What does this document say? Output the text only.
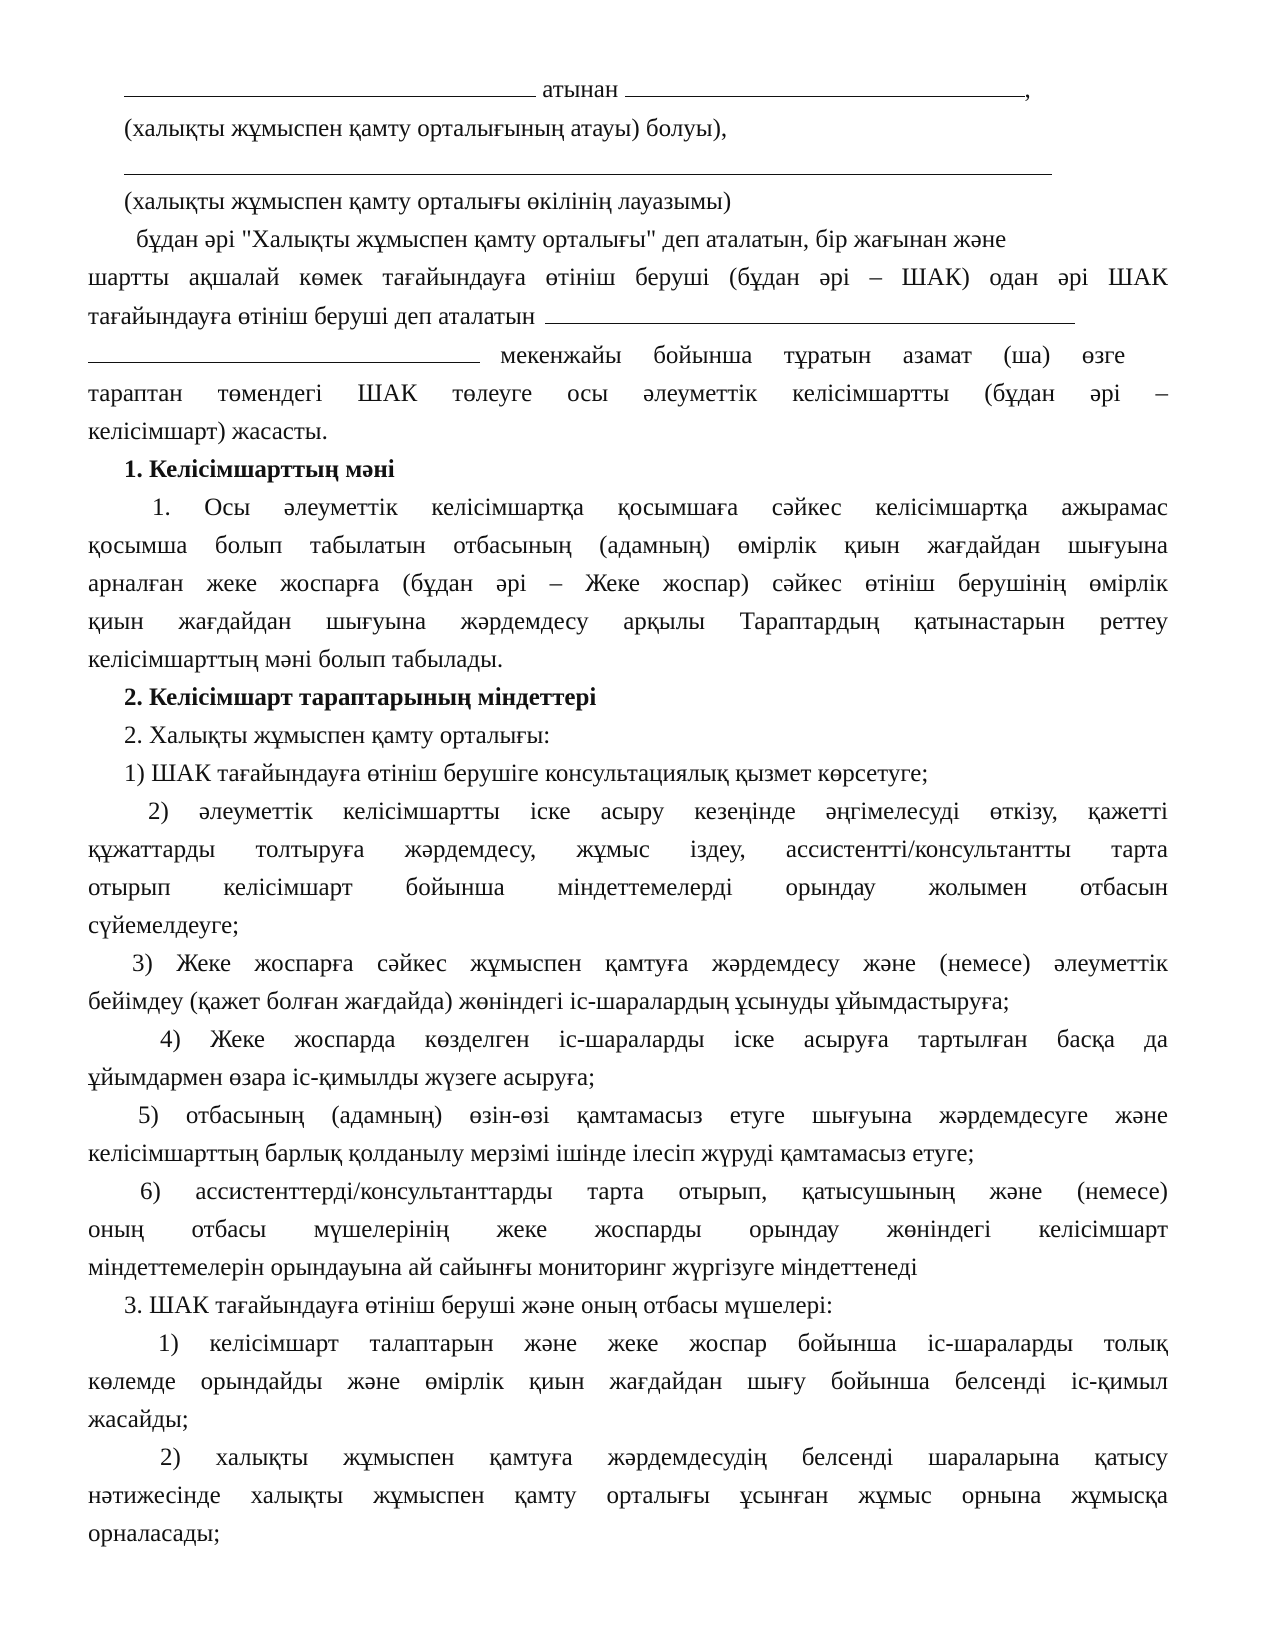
атынан	,
(халықты жұмыспен қамту орталығының атауы) болуы),
(халықты жұмыспен қамту орталығы өкілінің лауазымы)
бұдан әрі "Халықты жұмыспен қамту орталығы" деп аталатын, бір жағынан және
шартты ақшалай көмек тағайындауға өтініш беруші (бұдан әрі – ШАК) одан әрі ШАК
тағайындауға өтініш беруші деп аталатын
мекенжайы бойынша тұратын азамат (ша) өзге
тараптан төмендегі ШАК төлеуге осы әлеуметтік келісімшартты (бұдан әрі –
келісімшарт) жасасты.
1. Келісімшарттың мәні
1. Осы әлеуметтік келісімшартқа қосымшаға сәйкес келісімшартқа ажырамас
қосымша болып табылатын отбасының (адамның) өмірлік қиын жағдайдан шығуына
арналған жеке жоспарға (бұдан әрі – Жеке жоспар) сәйкес өтініш берушінің өмірлік
қиын жағдайдан шығуына жәрдемдесу арқылы Тараптардың қатынастарын реттеу
келісімшарттың мәні болып табылады.
2. Келісімшарт тараптарының міндеттері
2. Халықты жұмыспен қамту орталығы:
1) ШАК тағайындауға өтініш берушіге консультациялық қызмет көрсетуге;
2) әлеуметтік келісімшартты іске асыру кезеңінде әңгімелесуді өткізу, қажетті
құжаттарды толтыруға жәрдемдесу, жұмыс іздеу, ассистентті/консультантты тарта
отырып келісімшарт бойынша міндеттемелерді орындау жолымен отбасын
сүйемелдеуге;
3) Жеке жоспарға сәйкес жұмыспен қамтуға жәрдемдесу және (немесе) әлеуметтік
бейімдеу (қажет болған жағдайда) жөніндегі іс-шаралардың ұсынуды ұйымдастыруға;
4) Жеке жоспарда көзделген іс-шараларды іске асыруға тартылған басқа да
ұйымдармен өзара іс-қимылды жүзеге асыруға;
5) отбасының (адамның) өзін-өзі қамтамасыз етуге шығуына жәрдемдесуге және
келісімшарттың барлық қолданылу мерзімі ішінде ілесіп жүруді қамтамасыз етуге;
6) ассистенттерді/консультанттарды тарта отырып, қатысушының және (немесе)
оның отбасы мүшелерінің жеке жоспарды орындау жөніндегі келісімшарт
міндеттемелерін орындауына ай сайынғы мониторинг жүргізуге міндеттенеді
3. ШАК тағайындауға өтініш беруші және оның отбасы мүшелері:
1) келісімшарт талаптарын және жеке жоспар бойынша іс-шараларды толық
көлемде орындайды және өмірлік қиын жағдайдан шығу бойынша белсенді іс-қимыл
жасайды;
2) халықты жұмыспен қамтуға жәрдемдесудің белсенді шараларына қатысу
нәтижесінде халықты жұмыспен қамту орталығы ұсынған жұмыс орнына жұмысқа
орналасады;
